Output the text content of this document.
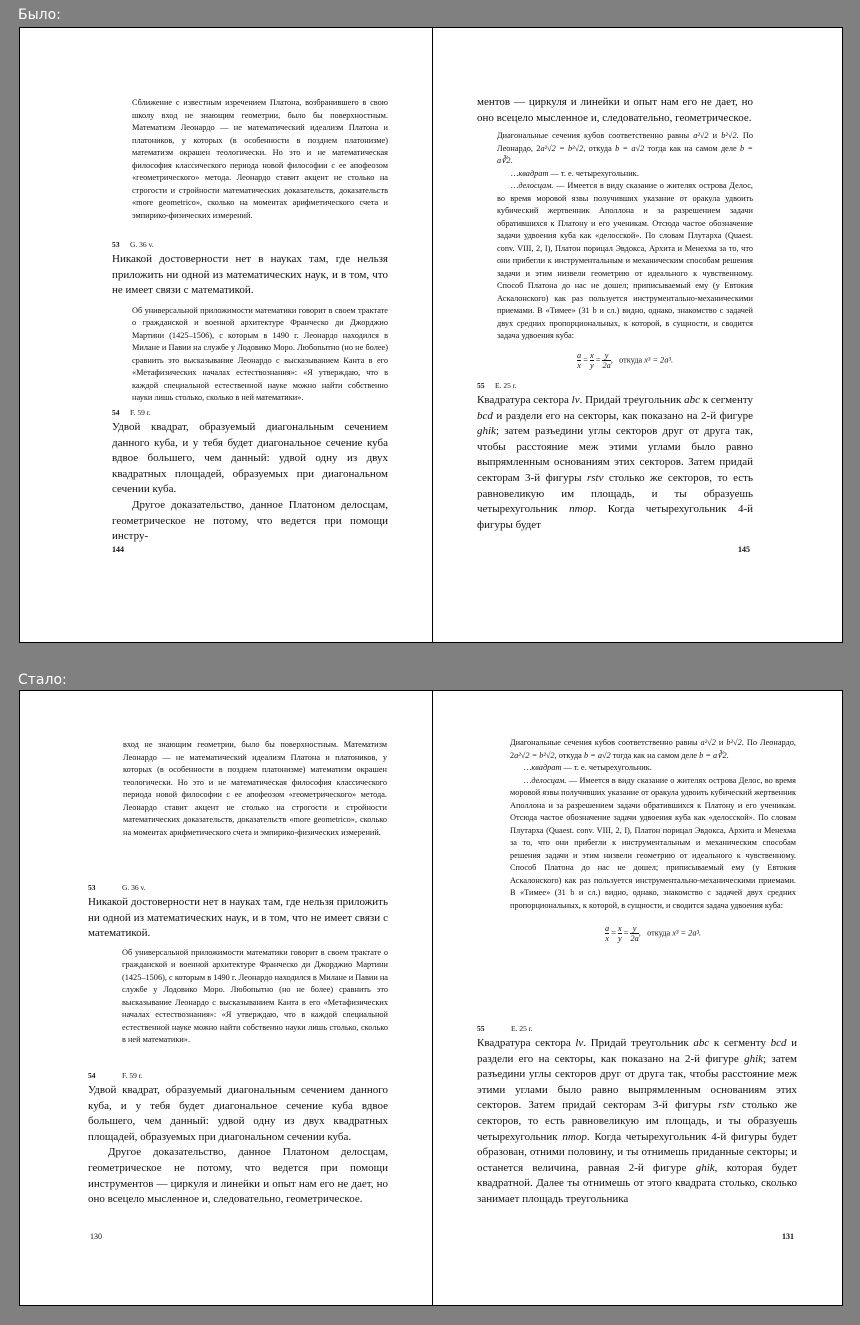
Было:
Сближение с известным изречением Платона, возбранившего в свою школу вход не знающим геометрии, было бы поверхностным. Математизм Леонардо — не математический идеализм Платона и платоников, у которых (в особенности в позднем платонизме) математизм окрашен теологически. Но это и не математическая философия классического периода новой философии с ее апофеозом «геометрического» метода. Леонардо ставит акцент не столько на строгости и стройности математических доказательств, доказательств «more geometrico», сколько на моментах арифметического счета и эмпирико-физических измерений.
53 G. 36 v.
Никакой достоверности нет в науках там, где нельзя приложить ни одной из математических наук, и в том, что не имеет связи с математикой.
Об универсальной приложимости математики говорит в своем трактате о гражданской и военной архитектуре Франческо ди Джорджио Мартини (1425–1506), с которым в 1490 г. Леонардо находился в Милане и Павии на службе у Лодовико Моро. Любопытно (но не более) сравнить это высказывание Леонардо с высказыванием Канта в его «Метафизических началах естествознания»: «Я утверждаю, что в каждой специальной естественной науке можно найти собственно науки лишь столько, сколько в ней математики».
54 F. 59 r.

Удвой квадрат, образуемый диагональным сечением данного куба, и у тебя будет диагональное сечение куба вдвое большего, чем данный: удвой одну из двух квадратных площадей, образуемых при диагональном сечении куба.

Другое доказательство, данное Платоном делосцам, геометрическое не потому, что ведется при помощи инстру-

144
ментов — циркуля и линейки и опыт нам его не дает, но оно всецело мысленное и, следовательно, геометрическое.

Диагональные сечения кубов соответственно равны a²√2 и b²√2. По Леонардо, 2a²√2 = b²√2, откуда b = a√2 тогда как на самом деле b = a∛2.

…квадрат — т. е. четырехугольник.

…делосцам. — Имеется в виду сказание о жителях острова Делос, во время моровой язвы получивших указание от оракула удвоить кубический жертвенник Аполлона и за разрешением задачи обратившихся к Платону и его ученикам. Отсюда частое обозначение задачи удвоения куба как «делосской». По словам Плутарха (Quaest. conv. VIII, 2, I), Платон порицал Эвдокса, Архита и Менехма за то, что они прибегли к инструментальным и механическим способам решения задачи и этим низвели геометрию от идеального к чувственному. Способ Платона до нас не дошел; приписываемый ему (у Евтокия Аскалонского) как раз пользуется инструментально-механическими приемами. В «Тимее» (31 b и сл.) видно, однако, знакомство с задачей двух средних пропорциональных, к которой, в сущности, и сводится задача удвоения куба:

$\frac{a}{x} = \frac{x}{y} = \frac{y}{2a}$,   откуда x³ = 2a³.
55 E. 25 r.
Квадратура сектора lv. Придай треугольник abc к сегменту bcd и раздели его на секторы, как показано на 2-й фигуре ghik; затем разъедини углы секторов друг от друга так, чтобы расстояние меж этими углами было равно выпрямленным основаниям этих секторов. Затем придай секторам 3-й фигуры rstv столько же секторов, то есть равновеликую им площадь, и ты образуешь четырехугольник nmop. Когда четырехугольник 4-й фигуры будет
145
Стало:
вход не знающим геометрии, было бы поверхностным. Математизм Леонардо — не математический идеализм Платона и платоников, у которых (в особенности в позднем платонизме) математизм окрашен теологически. Но это и не математическая философия классического периода новой философии с ее апофеозом «геометрического» метода. Леонардо ставит акцент не столько на строгости и стройности математических доказательств, доказательств «more geometrico», сколько на моментах арифметического счета и эмпирико-физических измерений.
53	G. 36 v.
Никакой достоверности нет в науках там, где нельзя приложить ни одной из математических наук, и в том, что не имеет связи с математикой.
Об универсальной приложимости математики говорит в своем трактате о гражданской и военной архитектуре Франческо ди Джорджио Мартини (1425–1506), с которым в 1490 г. Леонардо находился в Милане и Павии на службе у Лодовико Моро. Любопытно (но не более) сравнить это высказывание Леонардо с высказыванием Канта в его «Метафизических началах естествознания»: «Я утверждаю, что в каждой специальной естественной науке можно найти собственно науки лишь столько, сколько в ней математики».
54	F. 59 r.

Удвой квадрат, образуемый диагональным сечением данного куба, и у тебя будет диагональное сечение куба вдвое большего, чем данный: удвой одну из двух квадратных площадей, образуемых при диагональном сечении куба.

Другое доказательство, данное Платоном делосцам, геометрическое не потому, что ведется при помощи инструментов — циркуля и линейки и опыт нам его не дает, но оно всецело мысленное и, следовательно, геометрическое.

130

Диагональные сечения кубов соответственно равны a²√2 и b²√2. По Леонардо, 2a²√2 = b²√2, откуда b = a√2 тогда как на самом деле b = a∛2.

…квадрат — т. е. четырехугольник.

…делосцам. — Имеется в виду сказание о жителях острова Делос, во время моровой язвы получивших указание от оракула удвоить кубический жертвенник Аполлона и за разрешением задачи обратившихся к Платону и его ученикам. Отсюда частое обозначение задачи удвоения куба как «делосской». По словам Плутарха (Quaest. conv. VIII, 2, I), Платон порицал Эвдокса, Архита и Менехма за то, что они прибегли к инструментальным и механическим способам решения задачи и этим низвели геометрию от идеального к чувственному. Способ Платона до нас не дошел; приписываемый ему (у Евтокия Аскалонского) как раз пользуется инструментально-механическими приемами. В «Тимее» (31 b и сл.) видно, однако, знакомство с задачей двух средних пропорциональных, к которой, в сущности, и сводится задача удвоения куба:

$\frac{a}{x} = \frac{x}{y} = \frac{y}{2a}$,   откуда x³ = 2a³.
55	E. 25 r.
Квадратура сектора lv. Придай треугольник abc к сегменту bcd и раздели его на секторы, как показано на 2-й фигуре ghik; затем разъедини углы секторов друг от друга так, чтобы расстояние меж этими углами было равно выпрямленным основаниям этих секторов. Затем придай секторам 3-й фигуры rstv столько же секторов, то есть равновеликую им площадь, и ты образуешь четырехугольник nmop. Когда четырехугольник 4-й фигуры будет образован, отними половину, и ты отнимешь приданные секторы; и останется величина, равная 2-й фигуре ghik, которая будет квадратной. Далее ты отнимешь от этого квадрата столько, сколько занимает площадь треугольника
131
